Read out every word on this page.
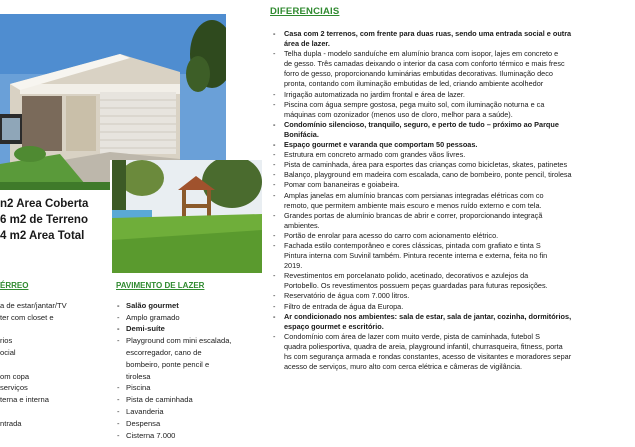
n2 Area Coberta
6 m2 de Terreno
4 m2 Area Total
ÉRREO
a de estar/jantar/TV
ter com closet e

rios
ocial

om copa
serviços
terna e interna

ntrada
PAVIMENTO DE LAZER
- Salão gourmet
- Amplo gramado
- Demi-suíte
- Playground com mini escalada,
escorregador, cano de
bombeiro, ponte pencil e
tirolesa
- Piscina
- Pista de caminhada
- Lavanderia
- Despensa
- Cisterna 7.000
DIFERENCIAIS
- Casa com 2 terrenos, com frente para duas ruas, sendo uma entrada social e outra
área de lazer.
- Telha dupla - modelo sanduíche em alumínio branca com isopor, lajes em concreto e
de gesso. Três camadas deixando o interior da casa com conforto térmico e mais fresc
forro de gesso, proporcionando luminárias embutidas decorativas. Iluminação deco
pronta, contando com iluminação embutidas de led, criando ambiente acolhedor
- Irrigação automatizada no jardim frontal e área de lazer.
- Piscina com água sempre gostosa, pega muito sol, com iluminação noturna e ca
máquinas com ozonizador (menos uso de cloro, melhor para a saúde).
- Condomínio silencioso, tranquilo, seguro, e perto de tudo – próximo ao Parque
Bonifácia.
- Espaço gourmet e varanda que comportam 50 pessoas.
- Estrutura em concreto armado com grandes vãos livres.
- Pista de caminhada, área para esportes das crianças como bicicletas, skates, patinetes
- Balanço, playground em madeira com escalada, cano de bombeiro, ponte pencil, tirolesa
- Pomar com bananeiras e goiabeira.
- Amplas janelas em alumínio brancas com persianas integradas elétricas com co
remoto, que permitem ambiente mais escuro e menos ruído externo e com tela.
- Grandes portas de alumínio brancas de abrir e correr, proporcionando integraçã
ambientes.
- Portão de enrolar para acesso do carro com acionamento elétrico.
- Fachada estilo contemporâneo e cores clássicas, pintada com grafiato e tinta S
Pintura interna com Suvinil também. Pintura recente interna e externa, feita no fin
2019.
- Revestimentos em porcelanato polido, acetinado, decorativos e azulejos da
Portobello. Os revestimentos possuem peças guardadas para futuras reposições.
- Reservatório de água com 7.000 litros.
- Filtro de entrada de água da Europa.
- Ar condicionado nos ambientes: sala de estar, sala de jantar, cozinha, dormitórios,
espaço gourmet e escritório.
- Condomínio com área de lazer com muito verde, pista de caminhada, futebol S
quadra poliesportiva, quadra de areia, playground infantil, churrasqueira, fitness, porta
hs com segurança armada e rondas constantes, acesso de visitantes e moradores separ
acesso de serviços, muro alto com cerca elétrica e câmeras de vigilância.
